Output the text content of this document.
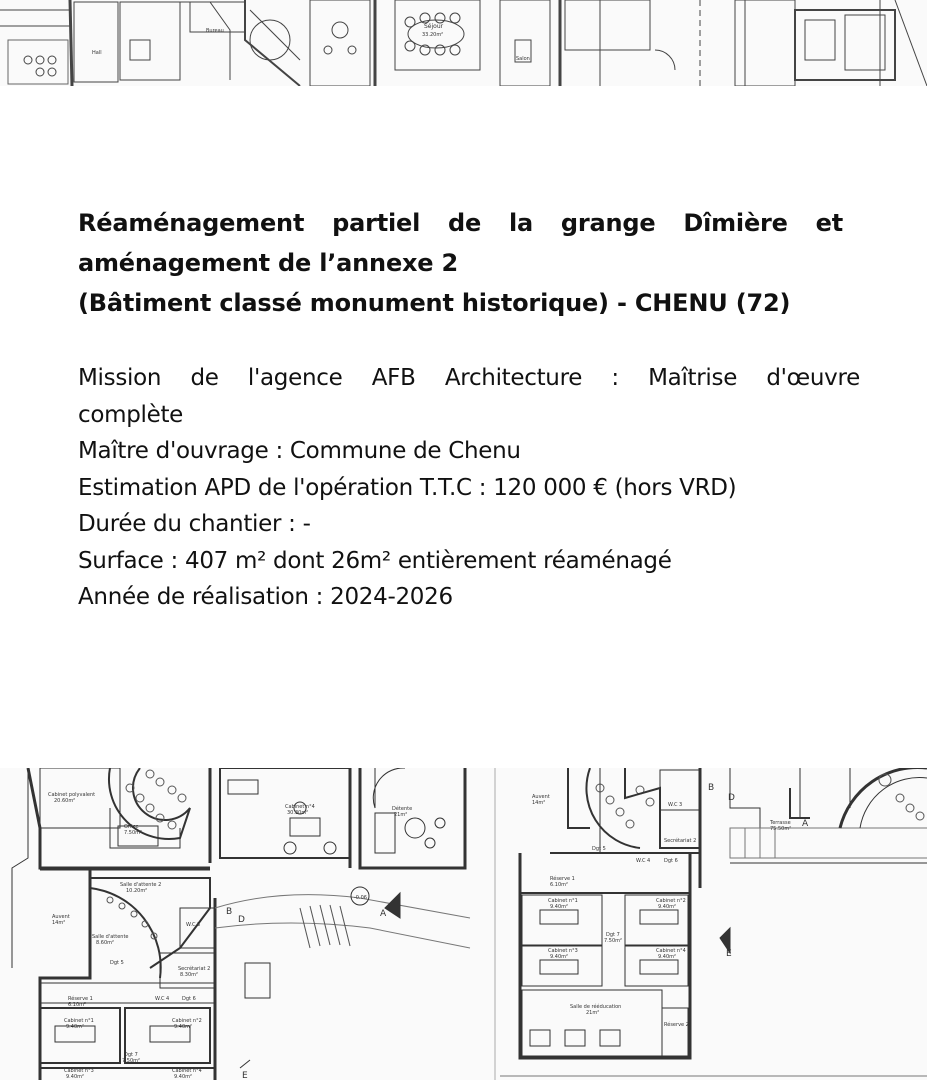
Séjour
33.20m²
Salon
Hall
Bureau
Réaménagement partiel de la grange Dîmière et
aménagement de l’annexe 2
(Bâtiment classé monument historique) - CHENU (72)
Mission de l'agence AFB Architecture : Maîtrise d'œuvre
complète
Maître d'ouvrage : Commune de Chenu
Estimation APD de l'opération T.T.C : 120 000 € (hors VRD)
Durée du chantier : -
Surface : 407 m² dont 26m² entièrement réaménagé
Année de réalisation : 2024-2026
Cabinet polyvalent
20.60m²
Office
7.50m²
Cabinet n°4
30.30m²
Détente
21m²
Salle d'attente 2
10.20m²
Auvent
14m²
Salle d'attente
8.60m²
W.C 3
Dgt 5
Secrétariat 2
8.30m²
Réserve 1
6.10m²
W.C 4	Dgt 6
Cabinet n°1
9.40m²
Cabinet n°2
9.40m²
Dgt 7
7.50m²
Cabinet n°3
9.40m²
Cabinet n°4
9.40m²
-0.06
A
B
D
E
Auvent
14m²
Réserve 1
6.10m²
Cabinet n°1
9.40m²
Cabinet n°2
9.40m²
Dgt 7
7.50m²
Cabinet n°3
9.40m²
Cabinet n°4
9.40m²
Salle de rééducation
21m²
Réserve 2
W.C 4	Dgt 6
Secrétariat 2
W.C 3
Dgt 5
Terrasse
75.50m² A
B
D
E
